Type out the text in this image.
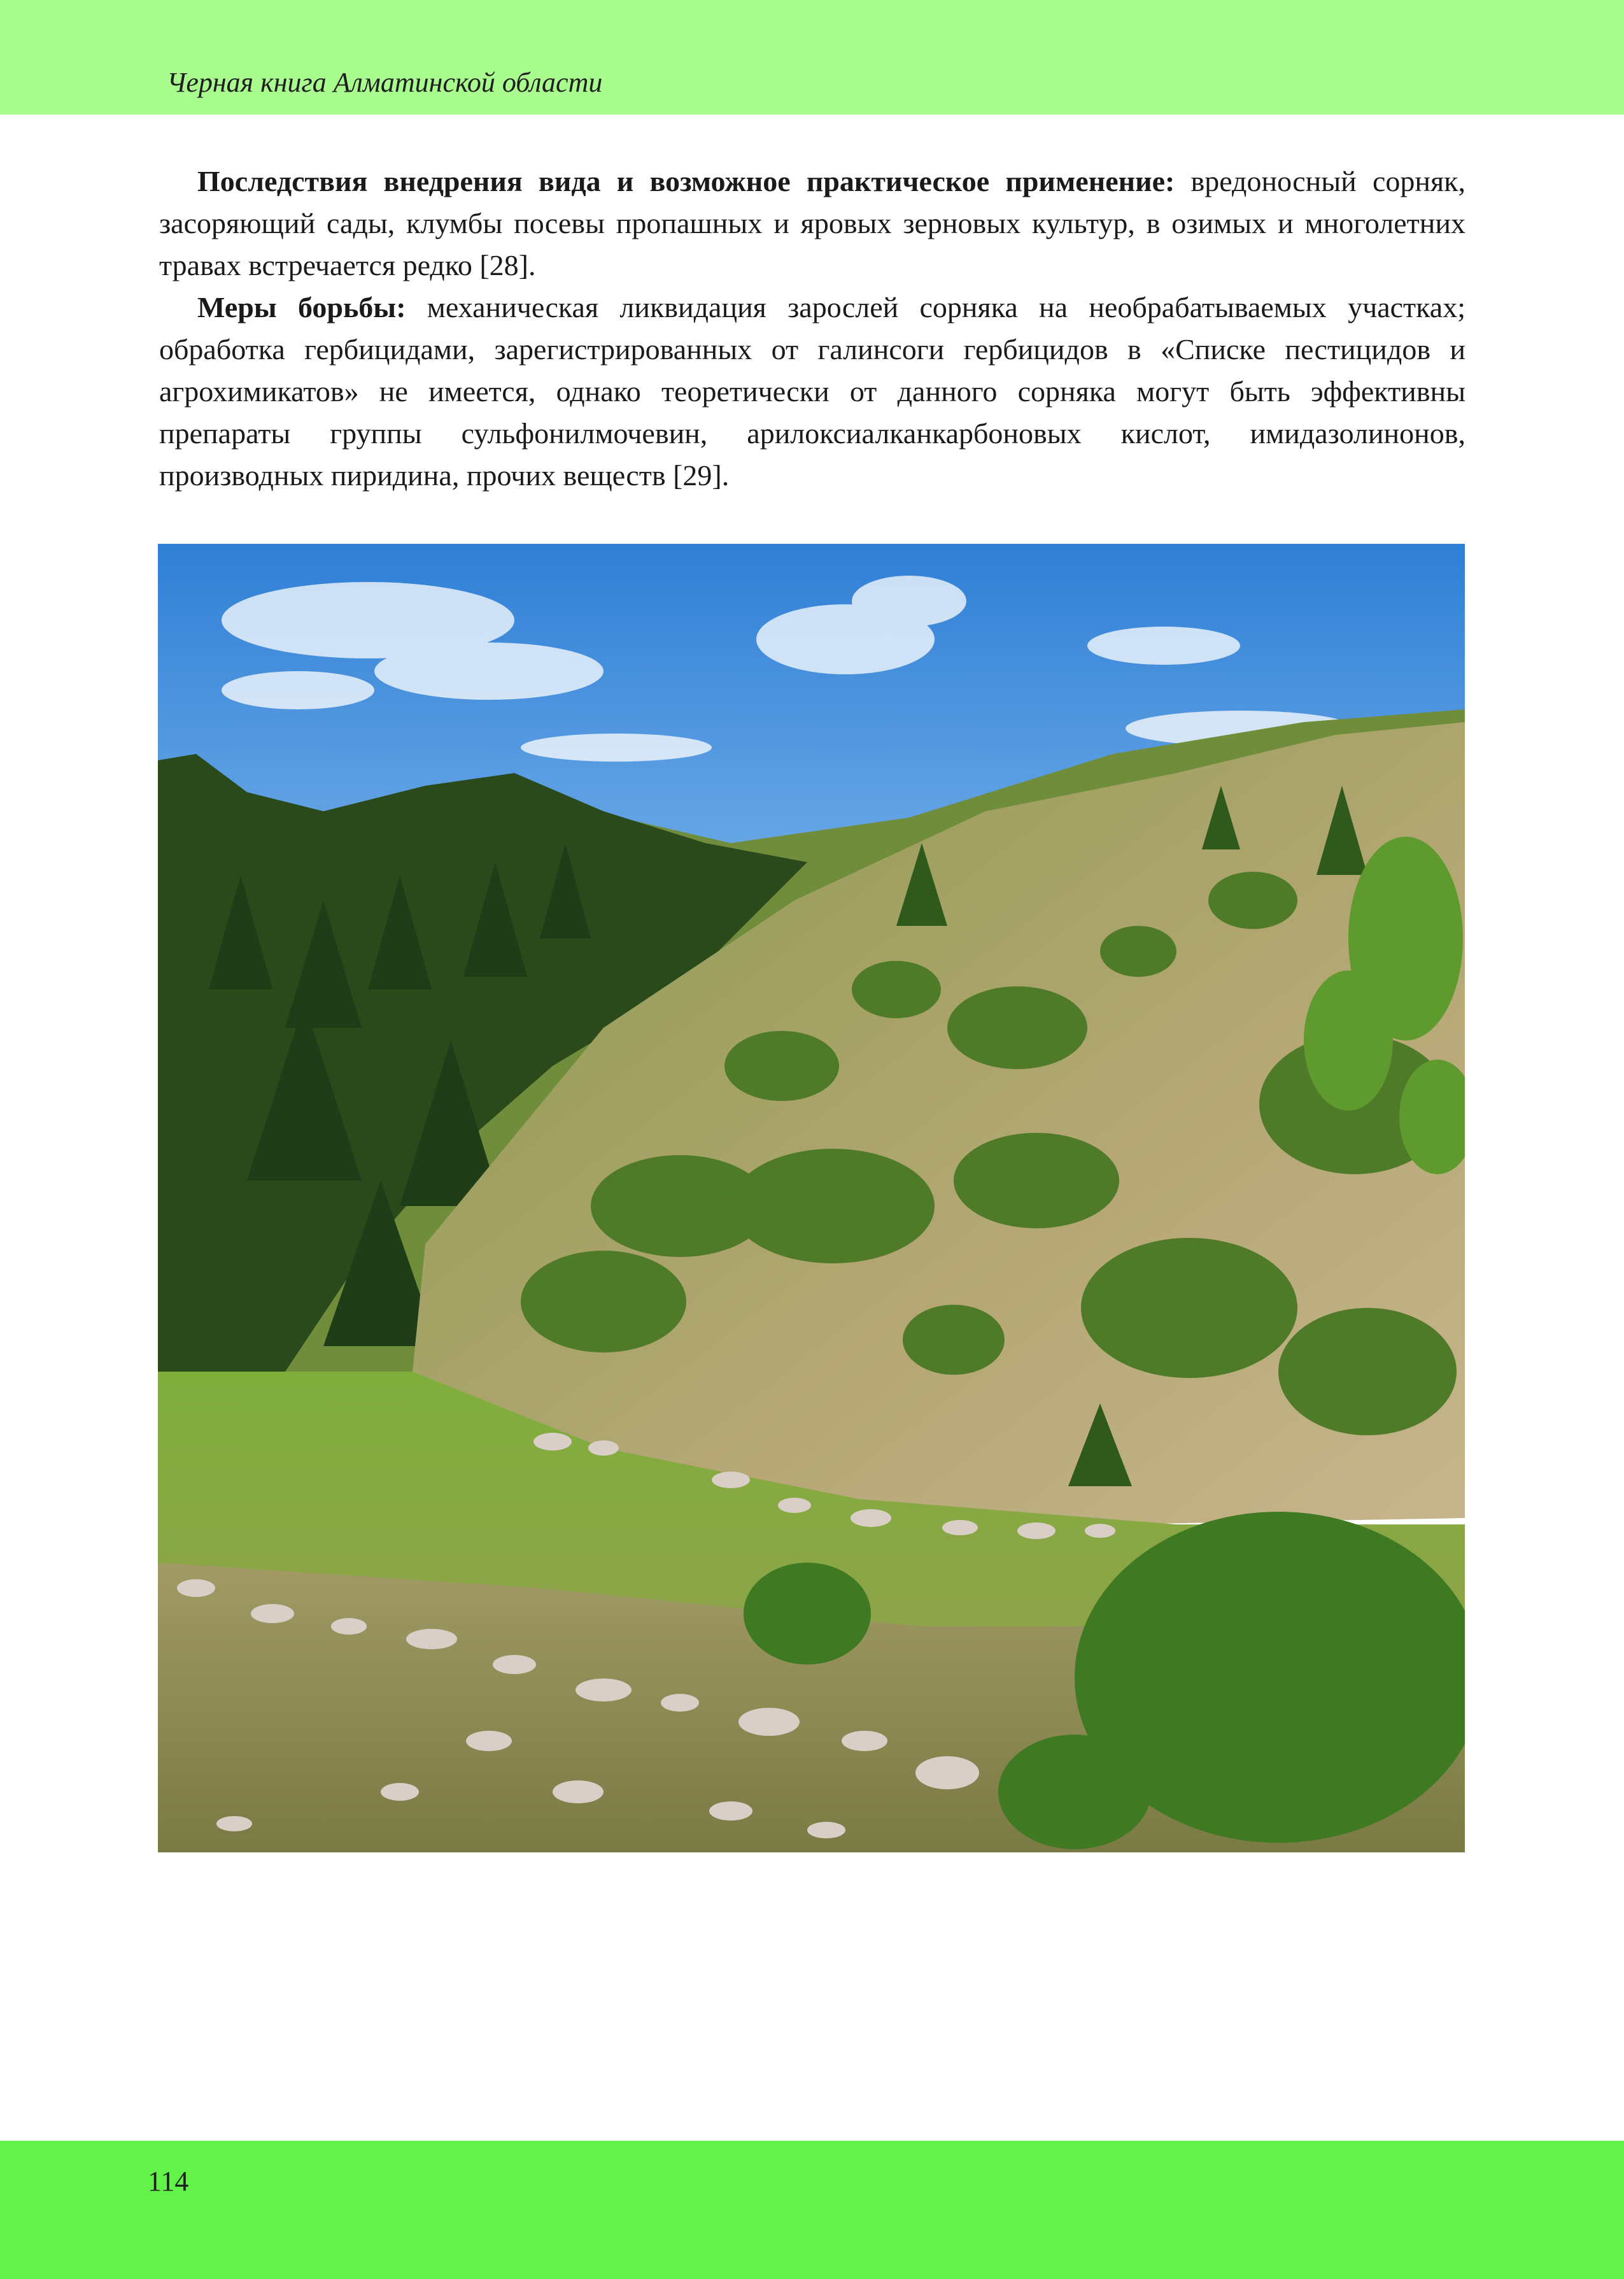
Черная книга Алматинской области

Последствия внедрения вида и возможное практическое применение: вредоносный сорняк, засоряющий сады, клумбы посевы пропашных и яровых зерновых культур, в озимых и многолетних травах встречается редко [28].

Меры борьбы: механическая ликвидация зарослей сорняка на необрабатываемых участках; обработка гербицидами, зарегистрированных от галинсоги гербицидов в «Списке пестицидов и агрохимикатов» не имеется, однако теоретически от данного сорняка могут быть эффективны препараты группы сульфонилмочевин, арилоксиалканкарбоновых кислот, имидазолинонов, производных пиридина, прочих веществ [29].

114
